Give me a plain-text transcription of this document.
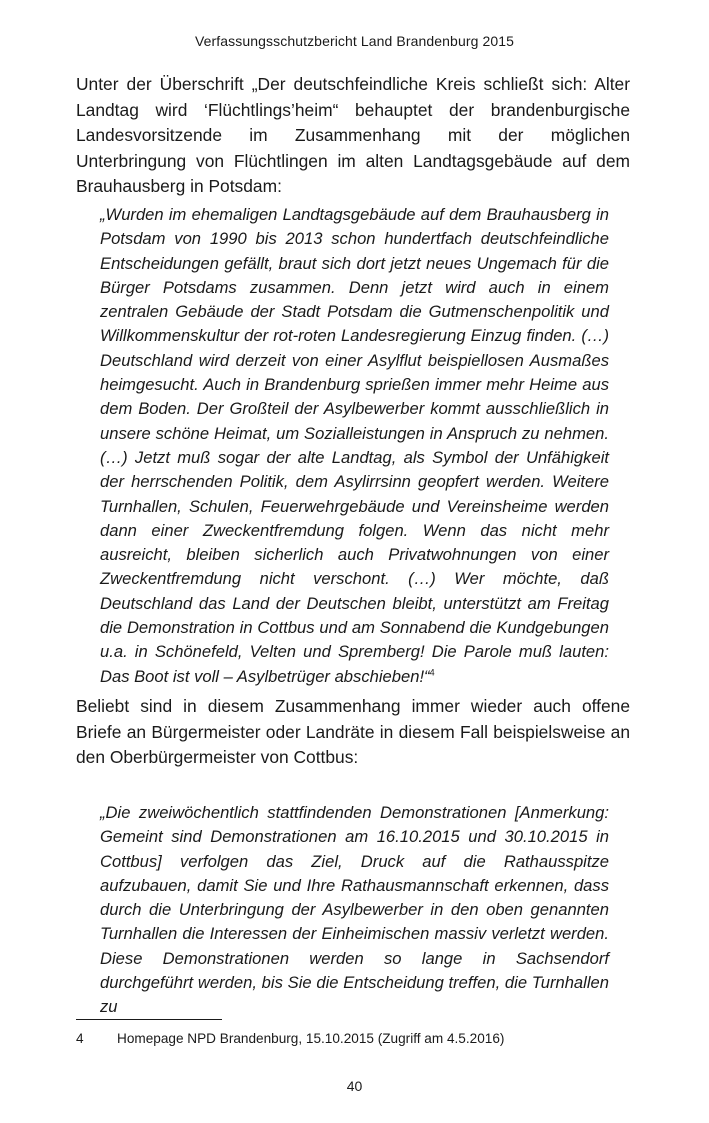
Verfassungsschutzbericht Land Brandenburg 2015

Unter der Überschrift „Der deutschfeindliche Kreis schließt sich: Alter Landtag wird ‘Flüchtlings’heim“ behauptet der brandenburgische Landesvorsitzende im Zusammenhang mit der möglichen Unterbringung von Flüchtlingen im alten Landtagsgebäude auf dem Brauhausberg in Potsdam:

„Wurden im ehemaligen Landtagsgebäude auf dem Brauhausberg in Potsdam von 1990 bis 2013 schon hundertfach deutschfeindliche Entscheidungen gefällt, braut sich dort jetzt neues Ungemach für die Bürger Potsdams zusammen. Denn jetzt wird auch in einem zentralen Gebäude der Stadt Potsdam die Gutmenschenpolitik und Willkommenskultur der rot-roten Landesregierung Einzug finden. (…) Deutschland wird derzeit von einer Asylflut beispiellosen Ausmaßes heimgesucht. Auch in Brandenburg sprießen immer mehr Heime aus dem Boden. Der Großteil der Asylbewerber kommt ausschließlich in unsere schöne Heimat, um Sozialleistungen in Anspruch zu nehmen. (…) Jetzt muß sogar der alte Landtag, als Symbol der Unfähigkeit der herrschenden Politik, dem Asylirrsinn geopfert werden. Weitere Turnhallen, Schulen, Feuerwehrgebäude und Vereinsheime werden dann einer Zweckentfremdung folgen. Wenn das nicht mehr ausreicht, bleiben sicherlich auch Privatwohnungen von einer Zweckentfremdung nicht verschont. (…) Wer möchte, daß Deutschland das Land der Deutschen bleibt, unterstützt am Freitag die Demonstration in Cottbus und am Sonnabend die Kundgebungen u.a. in Schönefeld, Velten und Spremberg! Die Parole muß lauten: Das Boot ist voll – Asylbetrüger abschieben!“$^4$

Beliebt sind in diesem Zusammenhang immer wieder auch offene Briefe an Bürgermeister oder Landräte in diesem Fall beispielsweise an den Oberbürgermeister von Cottbus:

„Die zweiwöchentlich stattfindenden Demonstrationen [Anmerkung: Gemeint sind Demonstrationen am 16.10.2015 und 30.10.2015 in Cottbus] verfolgen das Ziel, Druck auf die Rathausspitze aufzubauen, damit Sie und Ihre Rathausmannschaft erkennen, dass durch die Unterbringung der Asylbewerber in den oben genannten Turnhallen die Interessen der Einheimischen massiv verletzt werden. Diese Demonstrationen werden so lange in Sachsendorf durchgeführt werden, bis Sie die Entscheidung treffen, die Turnhallen zu

4 Homepage NPD Brandenburg, 15.10.2015 (Zugriff am 4.5.2016)
40
